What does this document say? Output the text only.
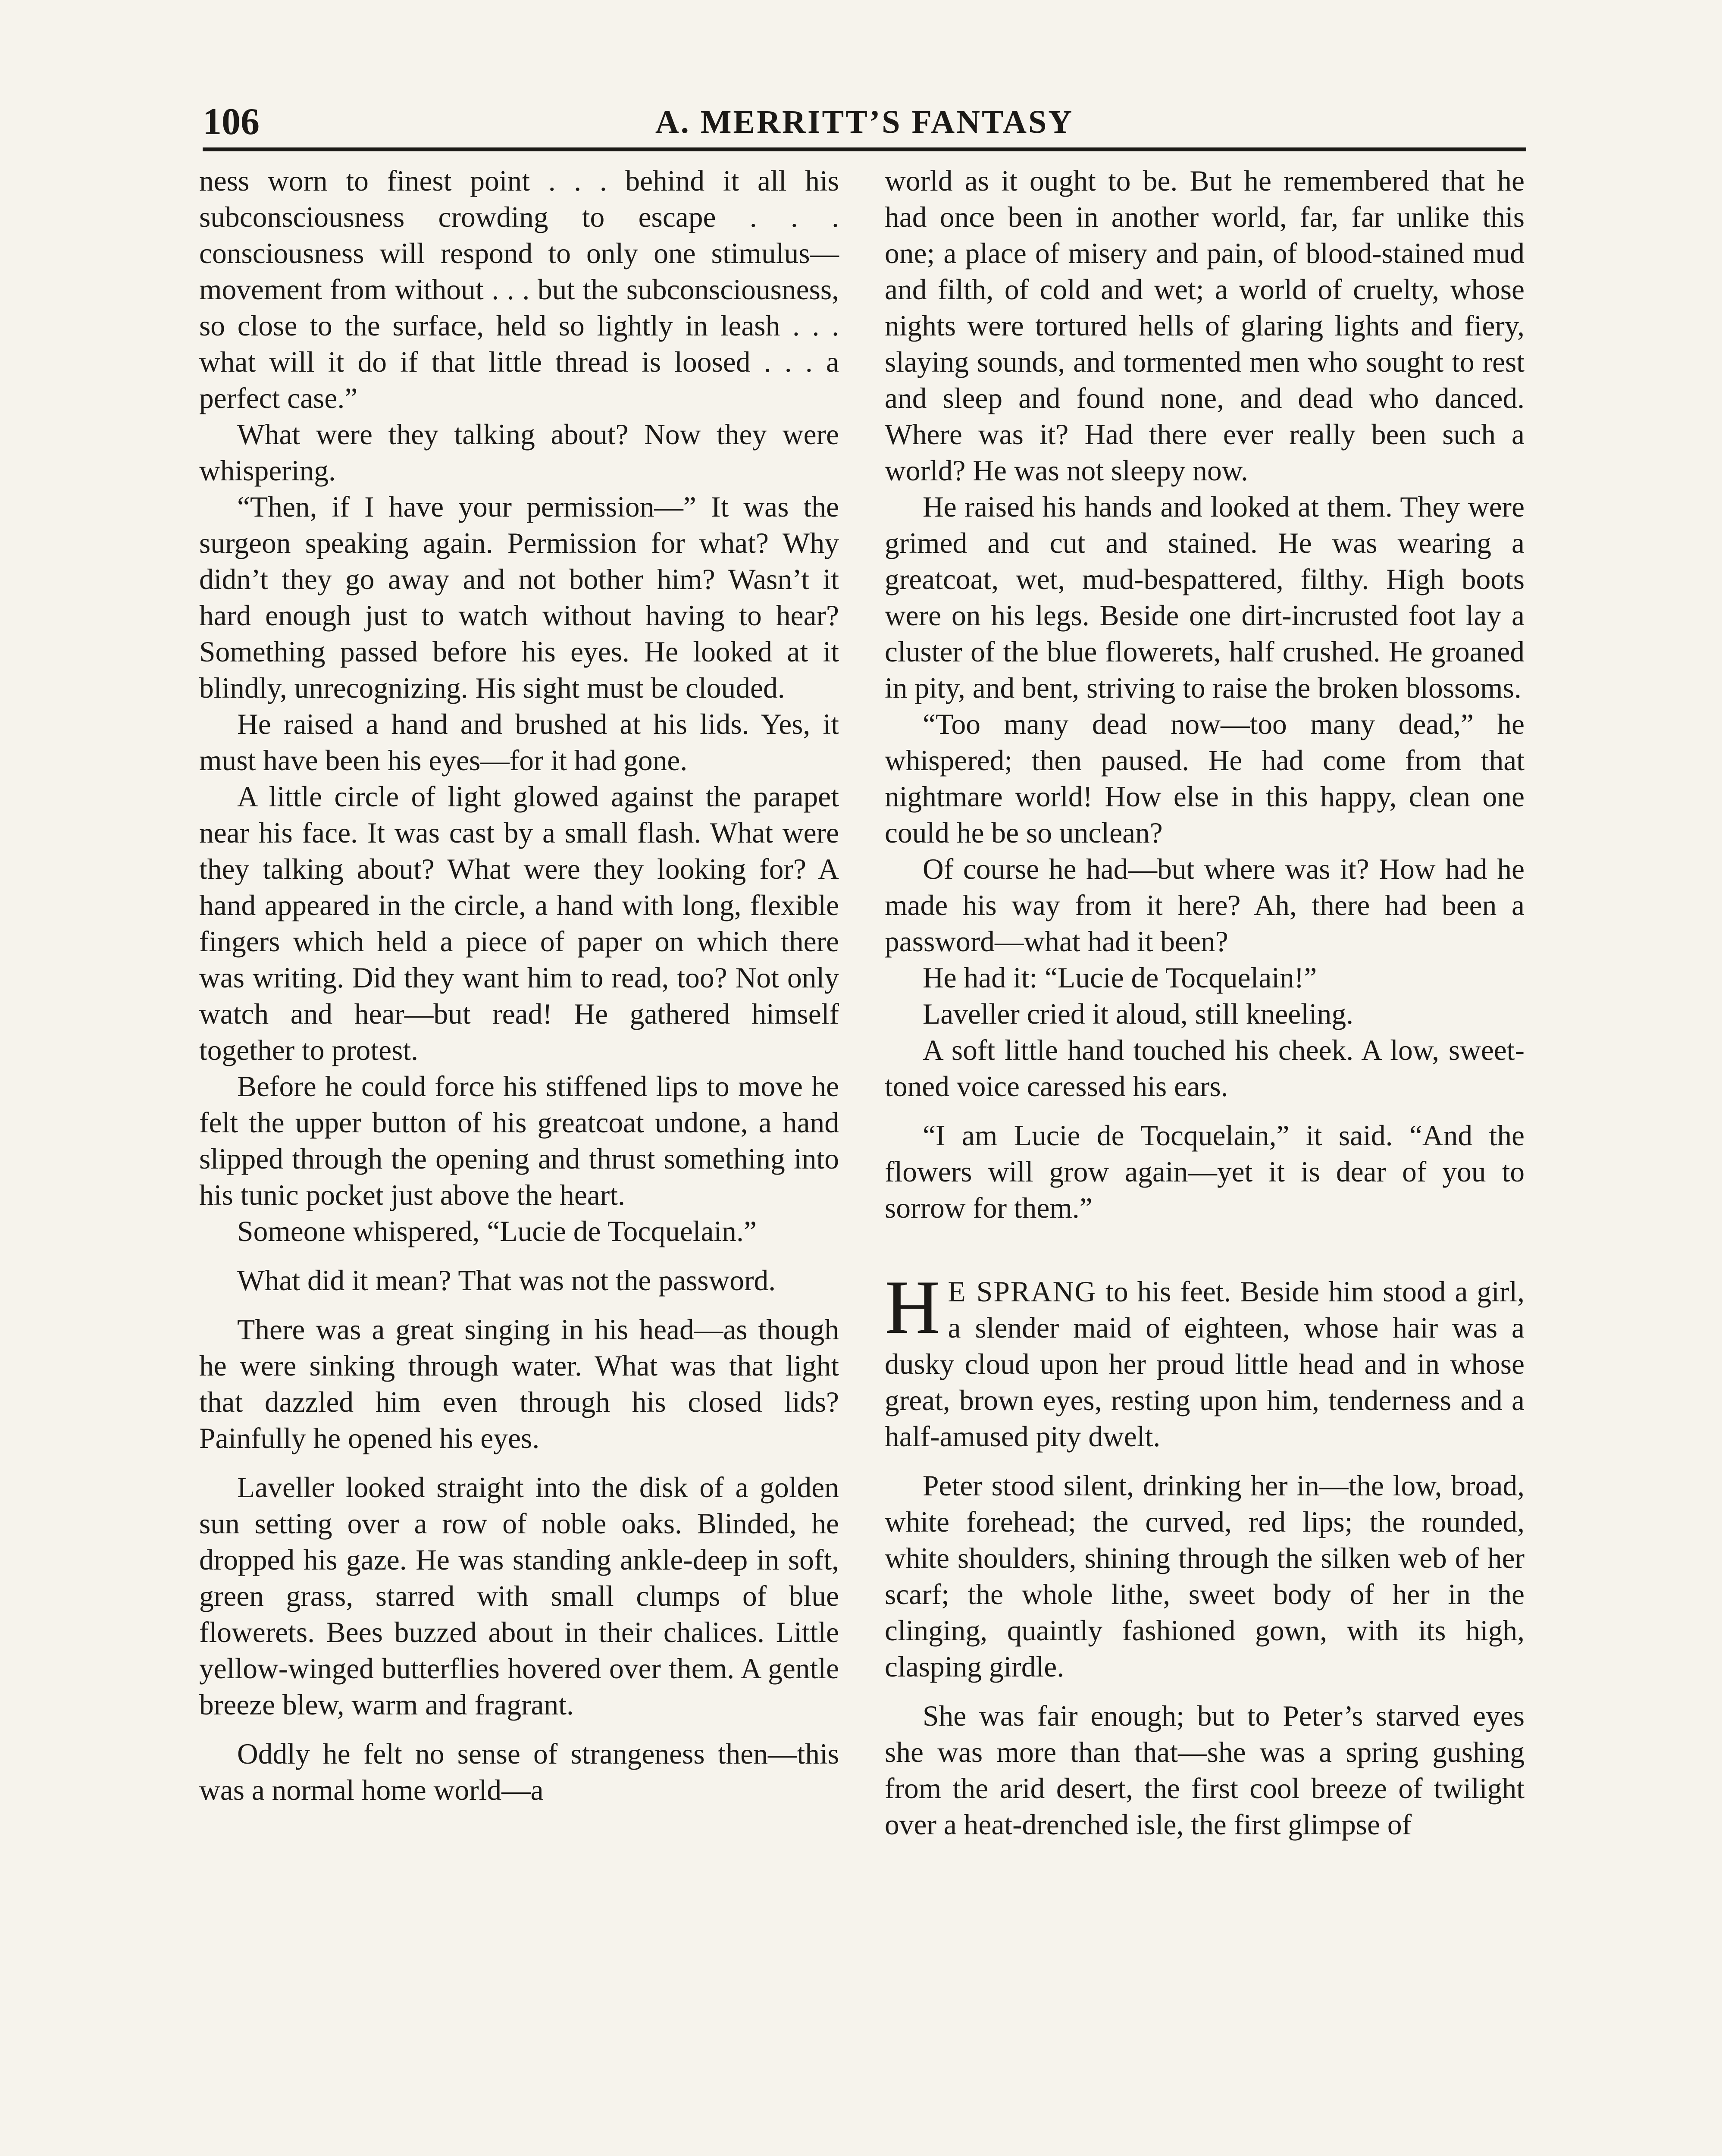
106	A. MERRITT’S FANTASY

ness worn to finest point . . . behind it all his subconsciousness crowding to escape . . . consciousness will respond to only one stimulus—movement from without . . . but the subconsciousness, so close to the surface, held so lightly in leash . . . what will it do if that little thread is loosed . . . a perfect case.”

What were they talking about? Now they were whispering.

“Then, if I have your permission—” It was the surgeon speaking again. Permission for what? Why didn’t they go away and not bother him? Wasn’t it hard enough just to watch without having to hear? Something passed before his eyes. He looked at it blindly, unrecognizing. His sight must be clouded.

He raised a hand and brushed at his lids. Yes, it must have been his eyes—for it had gone.

A little circle of light glowed against the parapet near his face. It was cast by a small flash. What were they talking about? What were they looking for? A hand appeared in the circle, a hand with long, flexible fingers which held a piece of paper on which there was writing. Did they want him to read, too? Not only watch and hear—but read! He gathered himself together to protest.

Before he could force his stiffened lips to move he felt the upper button of his greatcoat undone, a hand slipped through the opening and thrust something into his tunic pocket just above the heart.

Someone whispered, “Lucie de Tocquelain.”

What did it mean? That was not the password.

There was a great singing in his head—as though he were sinking through water. What was that light that dazzled him even through his closed lids? Painfully he opened his eyes.

Laveller looked straight into the disk of a golden sun setting over a row of noble oaks. Blinded, he dropped his gaze. He was standing ankle-deep in soft, green grass, starred with small clumps of blue flowerets. Bees buzzed about in their chalices. Little yellow-winged butterflies hovered over them. A gentle breeze blew, warm and fragrant.

Oddly he felt no sense of strangeness then—this was a normal home world—a

world as it ought to be. But he remembered that he had once been in another world, far, far unlike this one; a place of misery and pain, of blood-stained mud and filth, of cold and wet; a world of cruelty, whose nights were tortured hells of glaring lights and fiery, slaying sounds, and tormented men who sought to rest and sleep and found none, and dead who danced. Where was it? Had there ever really been such a world? He was not sleepy now.

He raised his hands and looked at them. They were grimed and cut and stained. He was wearing a greatcoat, wet, mud-bespattered, filthy. High boots were on his legs. Beside one dirt-incrusted foot lay a cluster of the blue flowerets, half crushed. He groaned in pity, and bent, striving to raise the broken blossoms.

“Too many dead now—too many dead,” he whispered; then paused. He had come from that nightmare world! How else in this happy, clean one could he be so unclean?

Of course he had—but where was it? How had he made his way from it here? Ah, there had been a password—what had it been?

He had it: “Lucie de Tocquelain!”

Laveller cried it aloud, still kneeling.

A soft little hand touched his cheek. A low, sweet-toned voice caressed his ears.

“I am Lucie de Tocquelain,” it said. “And the flowers will grow again—yet it is dear of you to sorrow for them.”

H E SPRANG to his feet. Beside him stood a girl, a slender maid of eighteen, whose hair was a dusky cloud upon her proud little head and in whose great, brown eyes, resting upon him, tenderness and a half-amused pity dwelt.

Peter stood silent, drinking her in—the low, broad, white forehead; the curved, red lips; the rounded, white shoulders, shining through the silken web of her scarf; the whole lithe, sweet body of her in the clinging, quaintly fashioned gown, with its high, clasping girdle.

She was fair enough; but to Peter’s starved eyes she was more than that—she was a spring gushing from the arid desert, the first cool breeze of twilight over a heat-drenched isle, the first glimpse of
